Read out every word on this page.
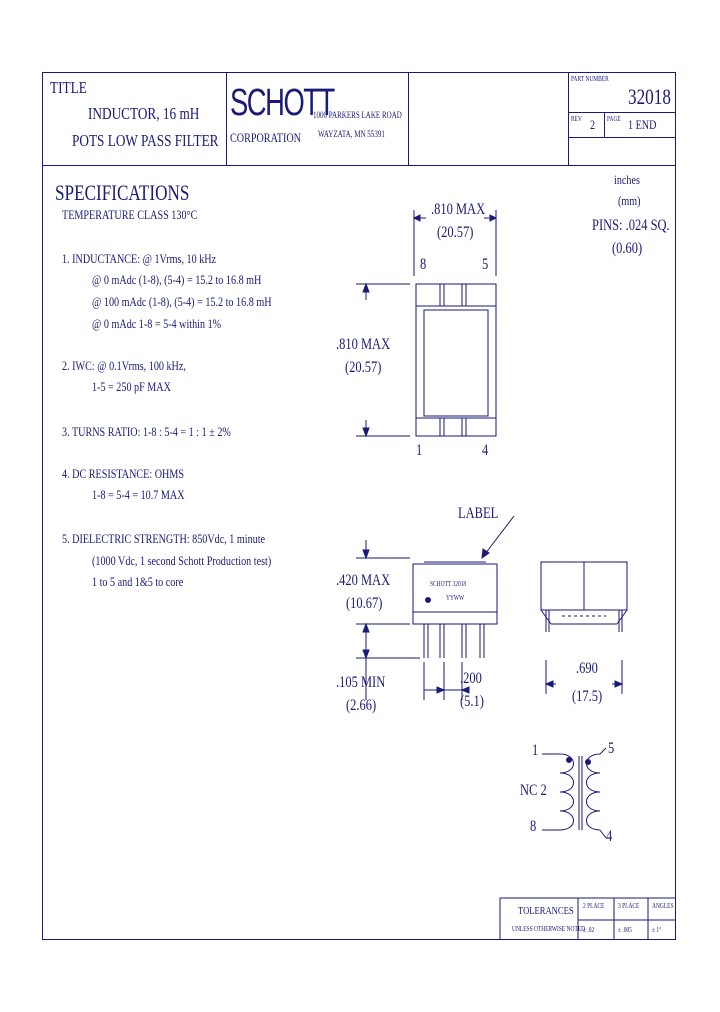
TITLE
INDUCTOR, 16 mH
POTS LOW PASS FILTER
SCHOTT
CORPORATION
1000 PARKERS LAKE ROAD
WAYZATA, MN 55391
PART NUMBER
32018
REV 2 PAGE 1 END
SPECIFICATIONS
TEMPERATURE CLASS 130°C
1. INDUCTANCE: @ 1Vrms, 10 kHz
@ 0 mAdc (1-8), (5-4) = 15.2 to 16.8 mH
@ 100 mAdc (1-8), (5-4) = 15.2 to 16.8 mH
@ 0 mAdc 1-8 = 5-4 within 1%
2. IWC: @ 0.1Vrms, 100 kHz,
1-5 = 250 pF MAX
3. TURNS RATIO: 1-8 : 5-4 = 1 : 1 ± 2%
4. DC RESISTANCE: OHMS
1-8 = 5-4 = 10.7 MAX
5. DIELECTRIC STRENGTH: 850Vdc, 1 minute
(1000 Vdc, 1 second Schott Production test)
1 to 5 and 1&5 to core
inches
(mm)
PINS: .024 SQ.
(0.60)
.810 MAX
(20.57)
8	5
.810 MAX
(20.57)
1	4
LABEL
SCHOTT 32018
YYWW
.420 MAX
(10.67)
.105 MIN
(2.66)
.200
(5.1)
.690
(17.5)
1	5
NC 2
8
4
TOLERANCES
UNLESS OTHERWISE NOTED
2 PLACE 3 PLACE ANGLES
± .02	± .005	± 1°
